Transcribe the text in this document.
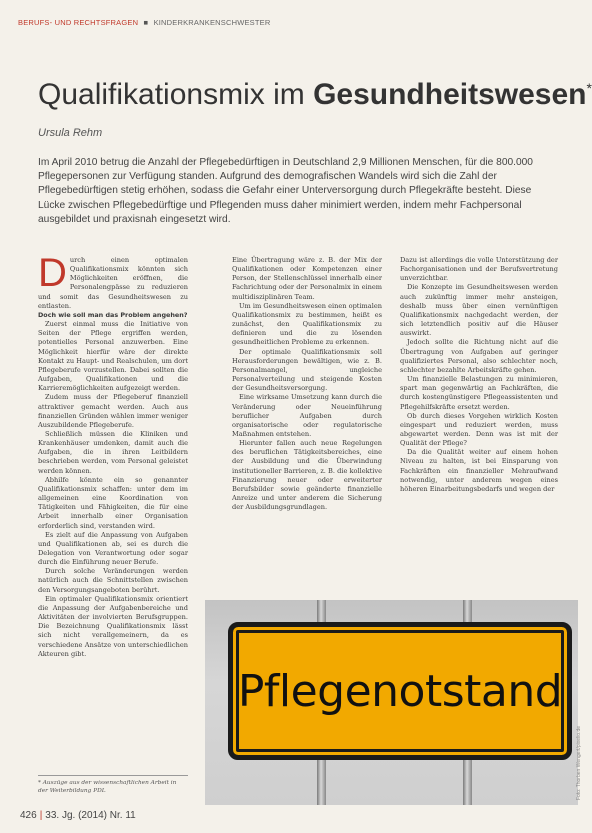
BERUFS- UND RECHTSFRAGEN ■ KINDERKRANKENSCHWESTER
Qualifikationsmix im Gesundheitswesen*
Ursula Rehm
Im April 2010 betrug die Anzahl der Pflegebedürftigen in Deutschland 2,9 Millionen Menschen, für die 800.000 Pflegepersonen zur Verfügung standen. Aufgrund des demografischen Wandels wird sich die Zahl der Pflegebedürftigen stetig erhöhen, sodass die Gefahr einer Unterversorgung durch Pflegekräfte besteht. Diese Lücke zwischen Pflegebedürftige und Pflegenden muss daher minimiert werden, indem mehr Fachpersonal ausgebildet und praxisnah eingesetzt wird.

Durch einen optimalen Qualifikationsmix könnten sich Möglichkeiten eröffnen, die Personalengpässe zu reduzieren und somit das Gesundheitswesen zu entlasten.

Doch wie soll man das Problem angehen?

Zuerst einmal muss die Initiative von Seiten der Pflege ergriffen werden, potentielles Personal anzuwerben. Eine Möglichkeit hierfür wäre der direkte Kontakt zu Haupt- und Realschulen, um dort Pflegeberufe vorzustellen. Dabei sollten die Aufgaben, Qualifikationen und die Karrieremöglichkeiten aufgezeigt werden.

Zudem muss der Pflegeberuf finanziell attraktiver gemacht werden. Auch aus finanziellen Gründen wählen immer weniger Auszubildende Pflegeberufe.

Schließlich müssen die Kliniken und Krankenhäuser umdenken, damit auch die Aufgaben, die in ihren Leitbildern beschrieben werden, vom Personal geleistet werden können.

Abhilfe könnte ein so genannter Qualifikationsmix schaffen: unter dem im allgemeinen eine Koordination von Tätigkeiten und Fähigkeiten, die für eine Arbeit innerhalb einer Organisation erforderlich sind, verstanden wird.

Es zielt auf die Anpassung von Aufgaben und Qualifikationen ab, sei es durch die Delegation von Verantwortung oder sogar durch die Einführung neuer Berufe.

Durch solche Veränderungen werden natürlich auch die Schnittstellen zwischen den Versorgungsangeboten berührt.

Ein optimaler Qualifikationsmix orientiert die Anpassung der Aufgabenbereiche und Aktivitäten der involvierten Berufsgruppen. Die Bezeichnung Qualifikationsmix lässt sich nicht verallgemeinern, da es verschiedene Ansätze von unterschiedlichen Akteuren gibt.

Eine Übertragung wäre z. B. der Mix der Qualifikationen oder Kompetenzen einer Person, der Stellenschlüssel innerhalb einer Fachrichtung oder der Personalmix in einem multidisziplinären Team.

Um im Gesundheitswesen einen optimalen Qualifikationsmix zu bestimmen, heißt es zunächst, den Qualifikationsmix zu definieren und die zu lösenden gesundheitlichen Probleme zu erkennen.

Der optimale Qualifikationsmix soll Herausforderungen bewältigen, wie z. B. Personalmangel, ungleiche Personalverteilung und steigende Kosten der Gesundheitsversorgung.

Eine wirksame Umsetzung kann durch die Veränderung oder Neueinführung beruflicher Aufgaben durch organisatorische oder regulatorische Maßnahmen entstehen.

Hierunter fallen auch neue Regelungen des beruflichen Tätigkeitsbereiches, eine der Ausbildung und die Überwindung institutioneller Barrieren, z. B. die kollektive Finanzierung neuer oder erweiterter Berufsbilder sowie geänderte finanzielle Anreize und unter anderem die Sicherung der Ausbildungsgrundlagen.

Dazu ist allerdings die volle Unterstützung der Fachorganisationen und der Berufsvertretung unverzichtbar.

Die Konzepte im Gesundheitswesen werden auch zukünftig immer mehr ansteigen, deshalb muss über einen vernünftigen Qualifikationsmix nachgedacht werden, der sich letztendlich positiv auf die Häuser auswirkt.

Jedoch sollte die Richtung nicht auf die Übertragung von Aufgaben auf geringer qualifiziertes Personal, also schlechter noch, schlechter bezahlte Arbeitskräfte gehen.

Um finanzielle Belastungen zu minimieren, spart man gegenwärtig an Fachkräften, die durch kostengünstigere Pflegeassistenten und Pflegehilfskräfte ersetzt werden.

Ob durch dieses Vorgehen wirklich Kosten eingespart und reduziert werden, muss abgewartet werden. Denn was ist mit der Qualität der Pflege?

Da die Qualität weiter auf einem hohen Niveau zu halten, ist bei Einsparung von Fachkräften ein finanzieller Mehraufwand notwendig, unter anderem wegen eines höheren Einarbeitungsbedarfs und wegen der

* Auszüge aus der wissenschaftlichen Arbeit in der Weiterbildung PDL
Pflegenotstand
Foto: Thorben Wengert/pixelio.de
426 | 33. Jg. (2014) Nr. 11
